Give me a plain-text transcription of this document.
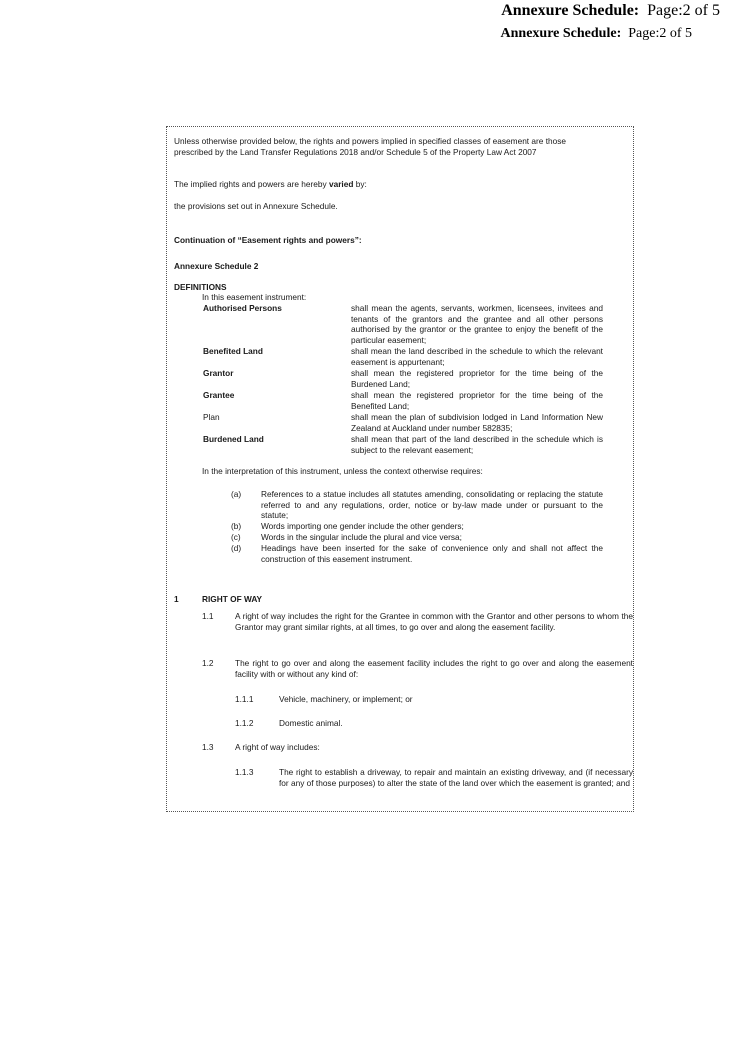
Annexure Schedule: Page:2 of 5
Annexure Schedule: Page:2 of 5
Unless otherwise provided below, the rights and powers implied in specified classes of easement are those
prescribed by the Land Transfer Regulations 2018 and/or Schedule 5 of the Property Law Act 2007
The implied rights and powers are hereby varied by:
the provisions set out in Annexure Schedule.
Continuation of “Easement rights and powers”:
Annexure Schedule 2
DEFINITIONS
In this easement instrument:
Authorised Persons	shall mean the agents, servants, workmen, licensees, invitees and tenants of the grantors and the grantee and all other persons authorised by the grantor or the grantee to enjoy the benefit of the particular easement;
Benefited Land	shall mean the land described in the schedule to which the relevant easement is appurtenant;
Grantor	shall mean the registered proprietor for the time being of the Burdened Land;
Grantee	shall mean the registered proprietor for the time being of the Benefited Land;
Plan	shall mean the plan of subdivision lodged in Land Information New Zealand at Auckland under number 582835;
Burdened Land	shall mean that part of the land described in the schedule which is subject to the relevant easement;
In the interpretation of this instrument, unless the context otherwise requires:
(a) References to a statue includes all statutes amending, consolidating or replacing the statute referred to and any regulations, order, notice or by-law made under or pursuant to the statute;
(b) Words importing one gender include the other genders;
(c) Words in the singular include the plural and vice versa;
(d) Headings have been inserted for the sake of convenience only and shall not affect the construction of this easement instrument.
1	RIGHT OF WAY
1.1	A right of way includes the right for the Grantee in common with the Grantor and other persons to whom the Grantor may grant similar rights, at all times, to go over and along the easement facility.
1.2	The right to go over and along the easement facility includes the right to go over and along the easement facility with or without any kind of:
1.1.1	Vehicle, machinery, or implement; or
1.1.2	Domestic animal.
1.3	A right of way includes:
1.1.3	The right to establish a driveway, to repair and maintain an existing driveway, and (if necessary for any of those purposes) to alter the state of the land over which the easement is granted; and
